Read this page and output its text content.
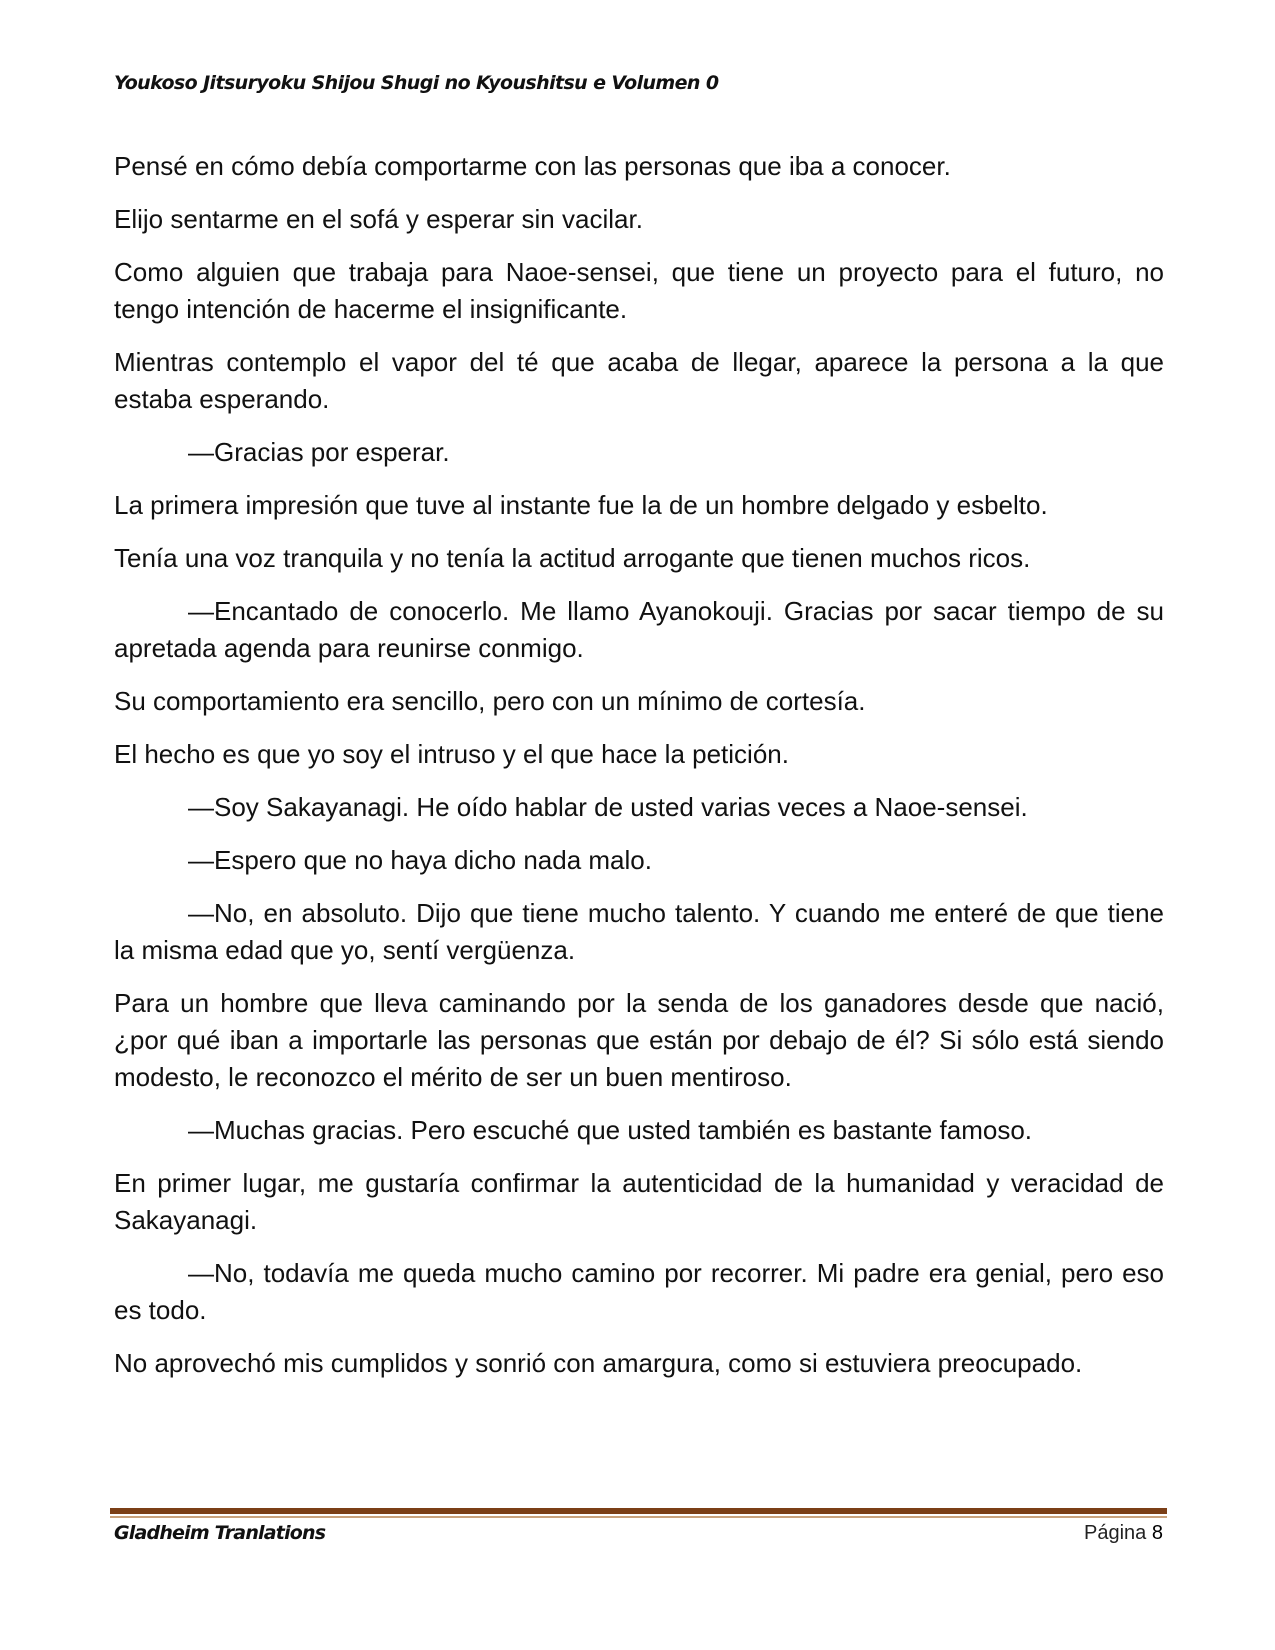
Youkoso Jitsuryoku Shijou Shugi no Kyoushitsu e Volumen 0

Pensé en cómo debía comportarme con las personas que iba a conocer.

Elijo sentarme en el sofá y esperar sin vacilar.

Como alguien que trabaja para Naoe-sensei, que tiene un proyecto para el futuro, no tengo intención de hacerme el insignificante.

Mientras contemplo el vapor del té que acaba de llegar, aparece la persona a la que estaba esperando.

—Gracias por esperar.

La primera impresión que tuve al instante fue la de un hombre delgado y esbelto.

Tenía una voz tranquila y no tenía la actitud arrogante que tienen muchos ricos.

—Encantado de conocerlo. Me llamo Ayanokouji. Gracias por sacar tiempo de su apretada agenda para reunirse conmigo.

Su comportamiento era sencillo, pero con un mínimo de cortesía.

El hecho es que yo soy el intruso y el que hace la petición.

—Soy Sakayanagi. He oído hablar de usted varias veces a Naoe-sensei.

—Espero que no haya dicho nada malo.

—No, en absoluto. Dijo que tiene mucho talento. Y cuando me enteré de que tiene la misma edad que yo, sentí vergüenza.

Para un hombre que lleva caminando por la senda de los ganadores desde que nació, ¿por qué iban a importarle las personas que están por debajo de él? Si sólo está siendo modesto, le reconozco el mérito de ser un buen mentiroso.

—Muchas gracias. Pero escuché que usted también es bastante famoso.

En primer lugar, me gustaría confirmar la autenticidad de la humanidad y veracidad de Sakayanagi.

—No, todavía me queda mucho camino por recorrer. Mi padre era genial, pero eso es todo.

No aprovechó mis cumplidos y sonrió con amargura, como si estuviera preocupado.

Gladheim Tranlations	Página 8
